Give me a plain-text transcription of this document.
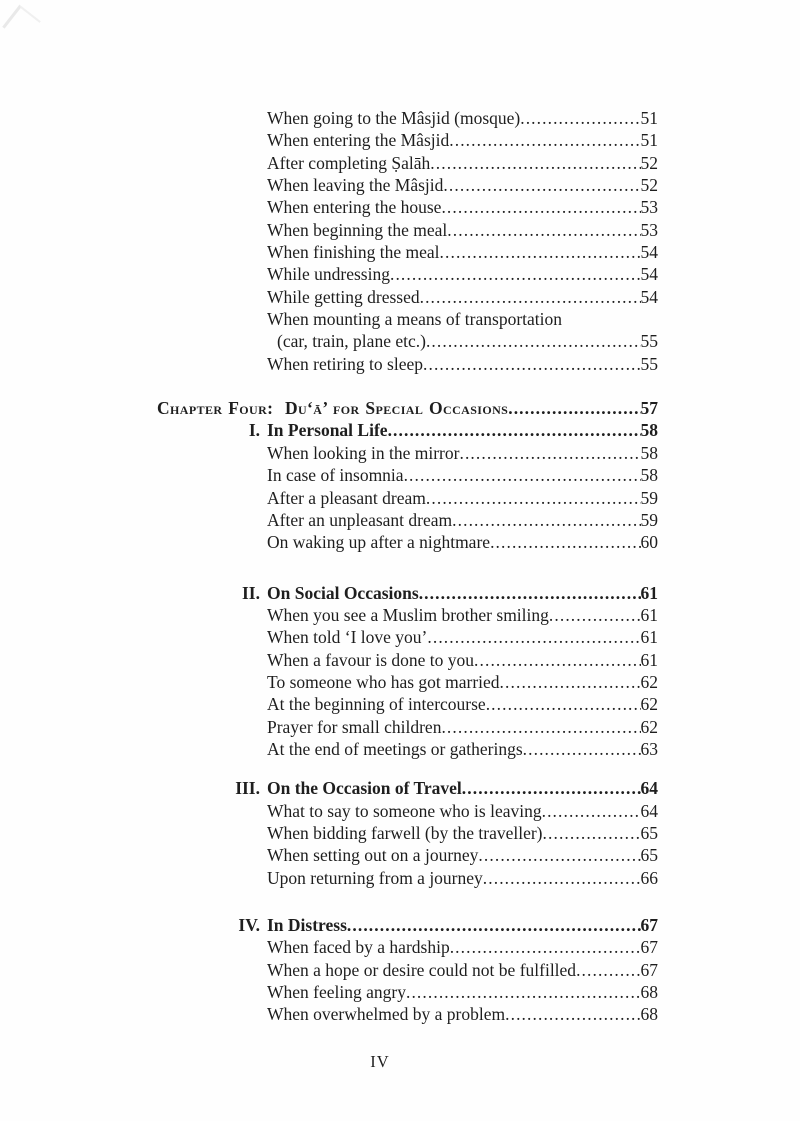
When going to the Mâsjid (mosque) .....	51
When entering the Mâsjid .....	51
After completing Ṣalāh .....	52
When leaving the Mâsjid .....	52
When entering the house .....	53
When beginning the meal .....	53
When finishing the meal .....	54
While undressing .....	54
While getting dressed .....	54
When mounting a means of transportation
(car, train, plane etc.) .....	55
When retiring to sleep .....	55
Chapter Four:  Du‘ā’ for Special Occasions .....	57
I. In Personal Life .....	58
When looking in the mirror .....	58
In case of insomnia .....	58
After a pleasant dream .....	59
After an unpleasant dream .....	59
On waking up after a nightmare .....	60
II. On Social Occasions .....	61
When you see a Muslim brother smiling .....	61
When told ‘I love you’ .....	61
When a favour is done to you .....	61
To someone who has got married .....	62
At the beginning of intercourse .....	62
Prayer for small children .....	62
At the end of meetings or gatherings .....	63
III. On the Occasion of Travel .....	64
What to say to someone who is leaving .....	64
When bidding farwell (by the traveller) .....	65
When setting out on a journey .....	65
Upon returning from a journey .....	66
IV. In Distress .....	67
When faced by a hardship .....	67
When a hope or desire could not be fulfilled .....	67
When feeling angry .....	68
When overwhelmed by a problem .....	68
IV
